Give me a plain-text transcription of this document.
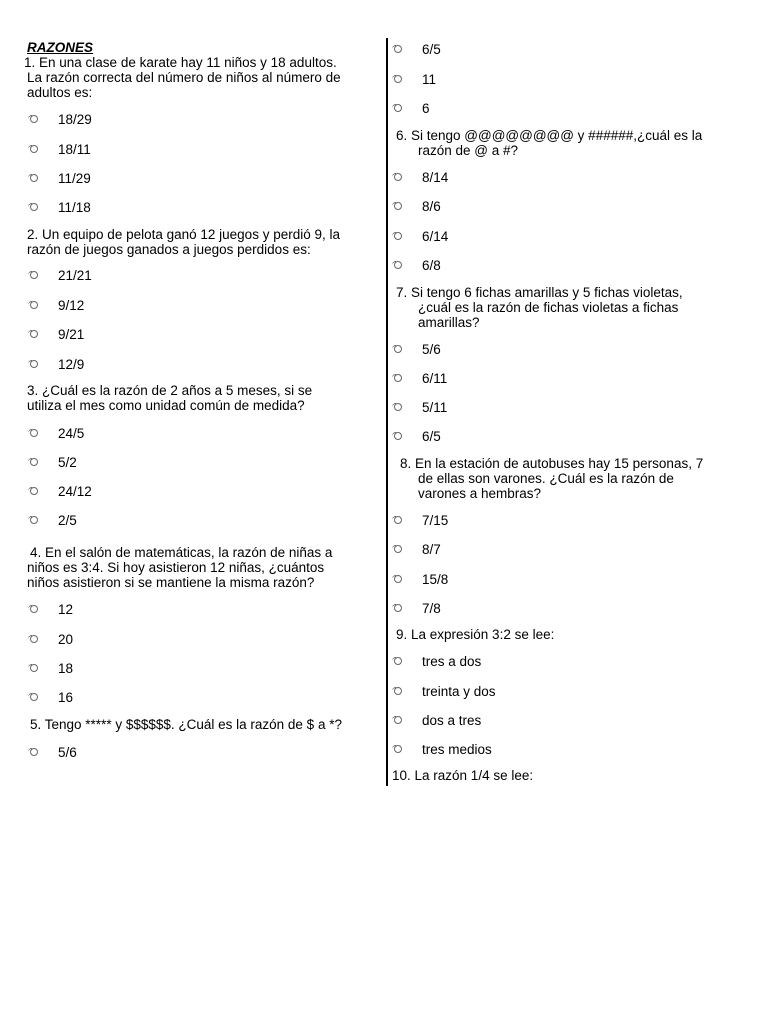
RAZONES
1. En una clase de karate hay 11 niños y 18 adultos.
La razón correcta del número de niños al número de
adultos es:
18/29
18/11
11/29
11/18
2. Un equipo de pelota ganó 12 juegos y perdió 9, la
razón de juegos ganados a juegos perdidos es:
21/21
9/12
9/21
12/9
3. ¿Cuál es la razón de 2 años a 5 meses, si se
utiliza el mes como unidad común de medida?
24/5
5/2
24/12
2/5
4. En el salón de matemáticas, la razón de niñas a
niños es 3:4. Si hoy asistieron 12 niñas, ¿cuántos
niños asistieron si se mantiene la misma razón?
12
20
18
16
5. Tengo ***** y $$$$$$. ¿Cuál es la razón de $ a *?
5/6
6/5
11
6
6. Si tengo @@@@@@@@ y ######,¿cuál es la
razón de @ a #?
8/14
8/6
6/14
6/8
7. Si tengo 6 fichas amarillas y 5 fichas violetas,
¿cuál es la razón de fichas violetas a fichas
amarillas?
5/6
6/11
5/11
6/5
8. En la estación de autobuses hay 15 personas, 7
de ellas son varones. ¿Cuál es la razón de
varones a hembras?
7/15
8/7
15/8
7/8
9. La expresión 3:2 se lee:
tres a dos
treinta y dos
dos a tres
tres medios
10. La razón 1/4 se lee:
